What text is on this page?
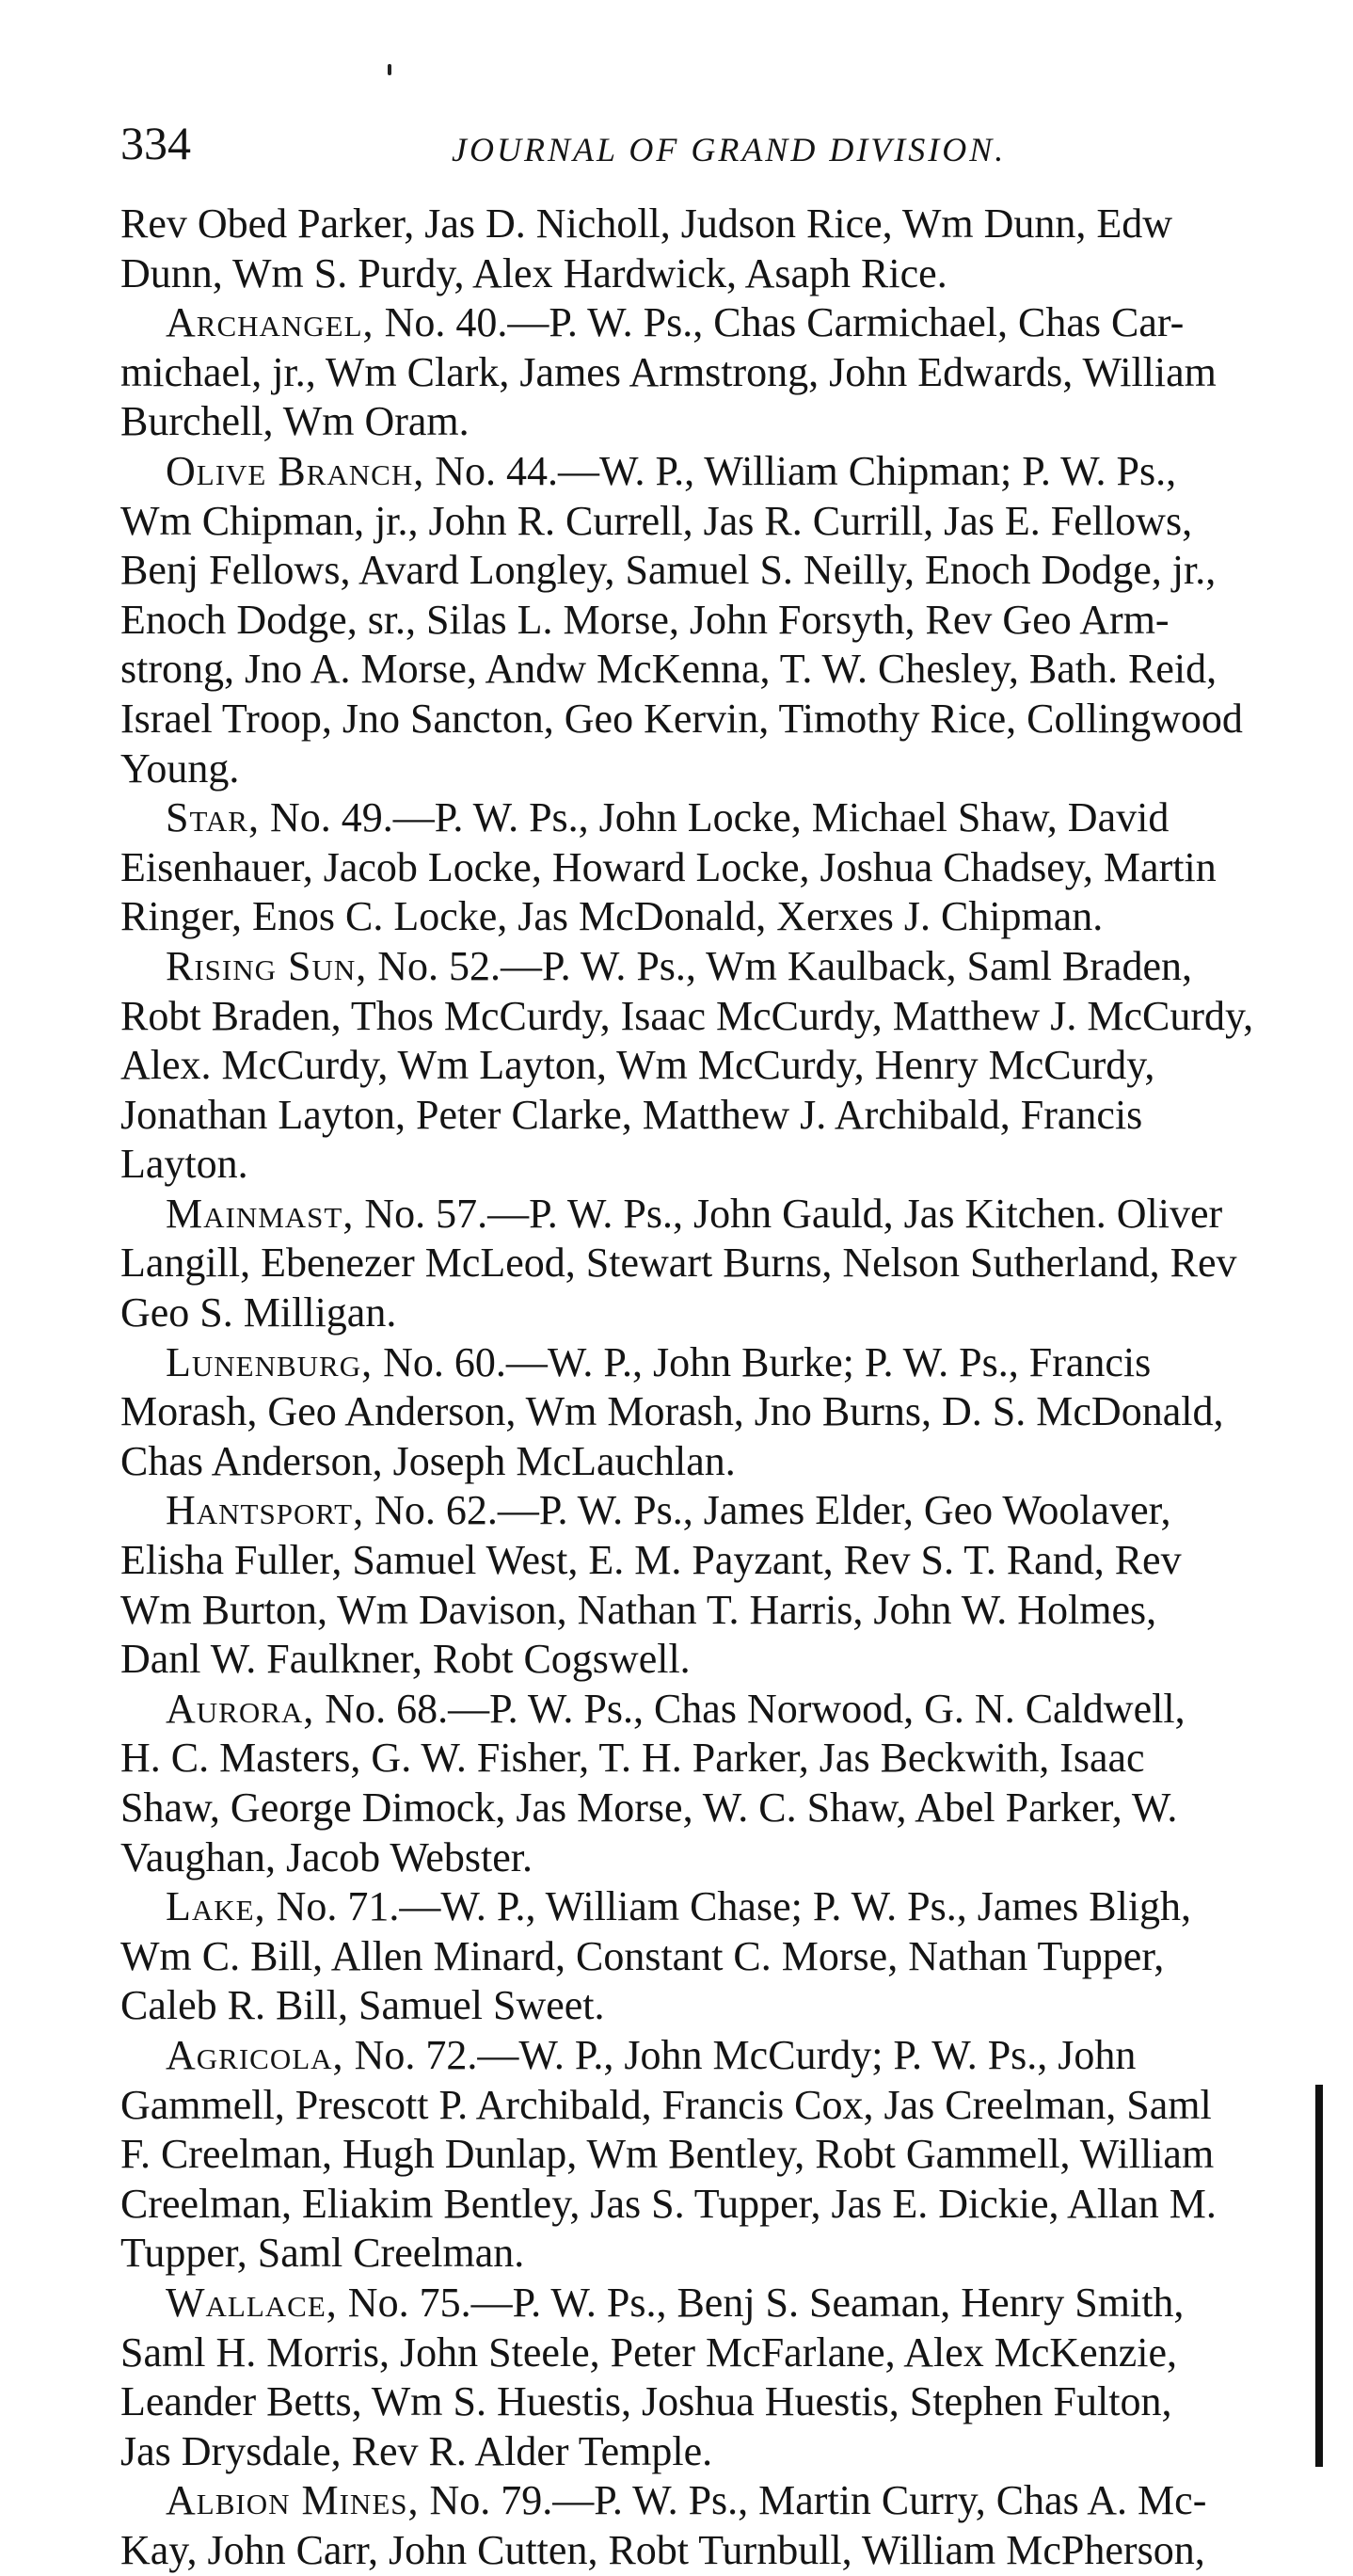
334	JOURNAL OF GRAND DIVISION.
Rev Obed Parker, Jas D. Nicholl, Judson Rice, Wm Dunn, Edw
Dunn, Wm S. Purdy, Alex Hardwick, Asaph Rice.
Archangel, No. 40.—P. W. Ps., Chas Carmichael, Chas Car-
michael, jr., Wm Clark, James Armstrong, John Edwards, William
Burchell, Wm Oram.
Olive Branch, No. 44.—W. P., William Chipman; P. W. Ps.,
Wm Chipman, jr., John R. Currell, Jas R. Currill, Jas E. Fellows,
Benj Fellows, Avard Longley, Samuel S. Neilly, Enoch Dodge, jr.,
Enoch Dodge, sr., Silas L. Morse, John Forsyth, Rev Geo Arm-
strong, Jno A. Morse, Andw McKenna, T. W. Chesley, Bath. Reid,
Israel Troop, Jno Sancton, Geo Kervin, Timothy Rice, Collingwood
Young.
Star, No. 49.—P. W. Ps., John Locke, Michael Shaw, David
Eisenhauer, Jacob Locke, Howard Locke, Joshua Chadsey, Martin
Ringer, Enos C. Locke, Jas McDonald, Xerxes J. Chipman.
Rising Sun, No. 52.—P. W. Ps., Wm Kaulback, Saml Braden,
Robt Braden, Thos McCurdy, Isaac McCurdy, Matthew J. McCurdy,
Alex. McCurdy, Wm Layton, Wm McCurdy, Henry McCurdy,
Jonathan Layton, Peter Clarke, Matthew J. Archibald, Francis
Layton.
Mainmast, No. 57.—P. W. Ps., John Gauld, Jas Kitchen. Oliver
Langill, Ebenezer McLeod, Stewart Burns, Nelson Sutherland, Rev
Geo S. Milligan.
Lunenburg, No. 60.—W. P., John Burke; P. W. Ps., Francis
Morash, Geo Anderson, Wm Morash, Jno Burns, D. S. McDonald,
Chas Anderson, Joseph McLauchlan.
Hantsport, No. 62.—P. W. Ps., James Elder, Geo Woolaver,
Elisha Fuller, Samuel West, E. M. Payzant, Rev S. T. Rand, Rev
Wm Burton, Wm Davison, Nathan T. Harris, John W. Holmes,
Danl W. Faulkner, Robt Cogswell.
Aurora, No. 68.—P. W. Ps., Chas Norwood, G. N. Caldwell,
H. C. Masters, G. W. Fisher, T. H. Parker, Jas Beckwith, Isaac
Shaw, George Dimock, Jas Morse, W. C. Shaw, Abel Parker, W.
Vaughan, Jacob Webster.
Lake, No. 71.—W. P., William Chase; P. W. Ps., James Bligh,
Wm C. Bill, Allen Minard, Constant C. Morse, Nathan Tupper,
Caleb R. Bill, Samuel Sweet.
Agricola, No. 72.—W. P., John McCurdy; P. W. Ps., John
Gammell, Prescott P. Archibald, Francis Cox, Jas Creelman, Saml
F. Creelman, Hugh Dunlap, Wm Bentley, Robt Gammell, William
Creelman, Eliakim Bentley, Jas S. Tupper, Jas E. Dickie, Allan M.
Tupper, Saml Creelman.
Wallace, No. 75.—P. W. Ps., Benj S. Seaman, Henry Smith,
Saml H. Morris, John Steele, Peter McFarlane, Alex McKenzie,
Leander Betts, Wm S. Huestis, Joshua Huestis, Stephen Fulton,
Jas Drysdale, Rev R. Alder Temple.
Albion Mines, No. 79.—P. W. Ps., Martin Curry, Chas A. Mc-
Kay, John Carr, John Cutten, Robt Turnbull, William McPherson,
